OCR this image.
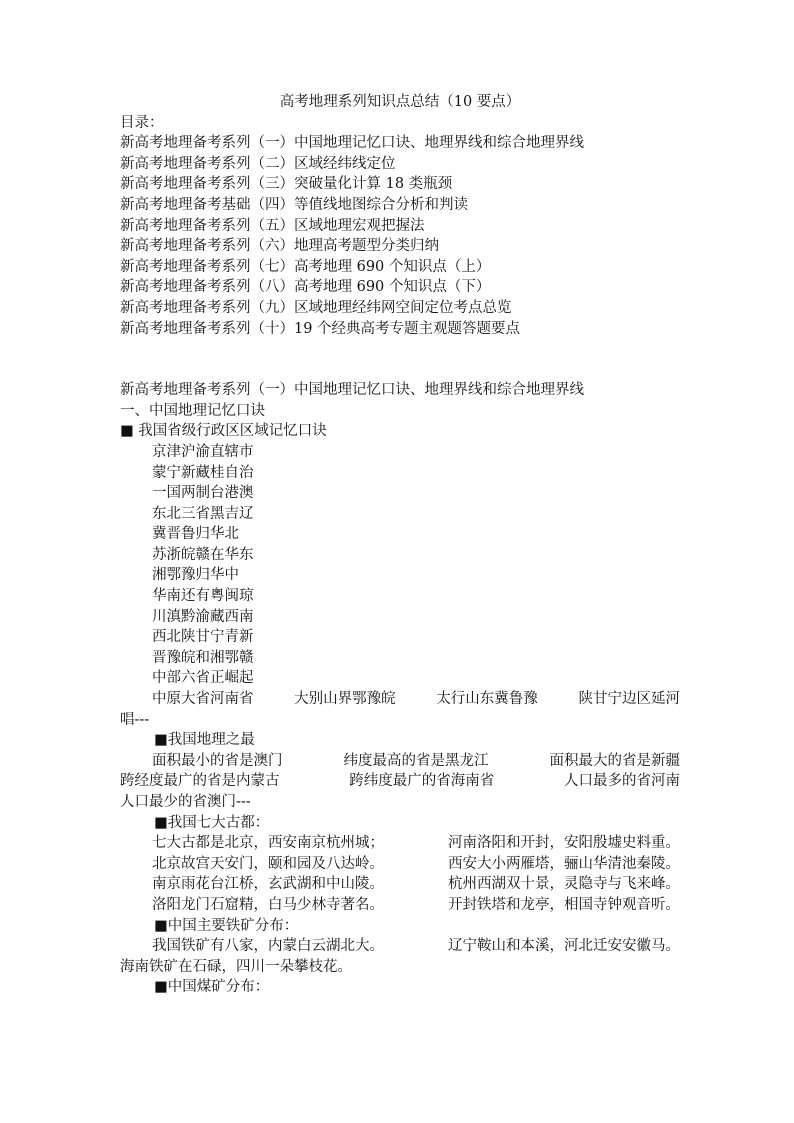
高考地理系列知识点总结（10 要点）
目录：
新高考地理备考系列（一）中国地理记忆口诀、地理界线和综合地理界线
新高考地理备考系列（二）区域经纬线定位
新高考地理备考系列（三）突破量化计算 18 类瓶颈
新高考地理备考基础（四）等值线地图综合分析和判读
新高考地理备考系列（五）区域地理宏观把握法
新高考地理备考系列（六）地理高考题型分类归纳
新高考地理备考系列（七）高考地理 690 个知识点（上）
新高考地理备考系列（八）高考地理 690 个知识点（下）
新高考地理备考系列（九）区域地理经纬网空间定位考点总览
新高考地理备考系列（十）19 个经典高考专题主观题答题要点
新高考地理备考系列（一）中国地理记忆口诀、地理界线和综合地理界线
一、中国地理记忆口诀
■ 我国省级行政区区域记忆口诀
京津沪渝直辖市
蒙宁新藏桂自治
一国两制台港澳
东北三省黑吉辽
冀晋鲁归华北
苏浙皖赣在华东
湘鄂豫归华中
华南还有粤闽琼
川滇黔渝藏西南
西北陕甘宁青新
晋豫皖和湘鄂赣
中部六省正崛起
中原大省河南省	大别山界鄂豫皖	太行山东冀鲁豫	陕甘宁边区延河
唱---
■我国地理之最
面积最小的省是澳门	纬度最高的省是黑龙江	面积最大的省是新疆
跨经度最广的省是内蒙古	跨纬度最广的省海南省	人口最多的省河南
人口最少的省澳门---
■我国七大古都：
七大古都是北京，西安南京杭州城；	河南洛阳和开封，安阳殷墟史料重。
北京故宫天安门，颐和园及八达岭。	西安大小两雁塔，骊山华清池秦陵。
南京雨花台江桥，玄武湖和中山陵。	杭州西湖双十景，灵隐寺与飞来峰。
洛阳龙门石窟精，白马少林寺著名。	开封铁塔和龙亭，相国寺钟观音听。
■中国主要铁矿分布：
我国铁矿有八家，内蒙白云湖北大。	辽宁鞍山和本溪，河北迁安安徽马。
海南铁矿在石碌，四川一朵攀枝花。
■中国煤矿分布：
